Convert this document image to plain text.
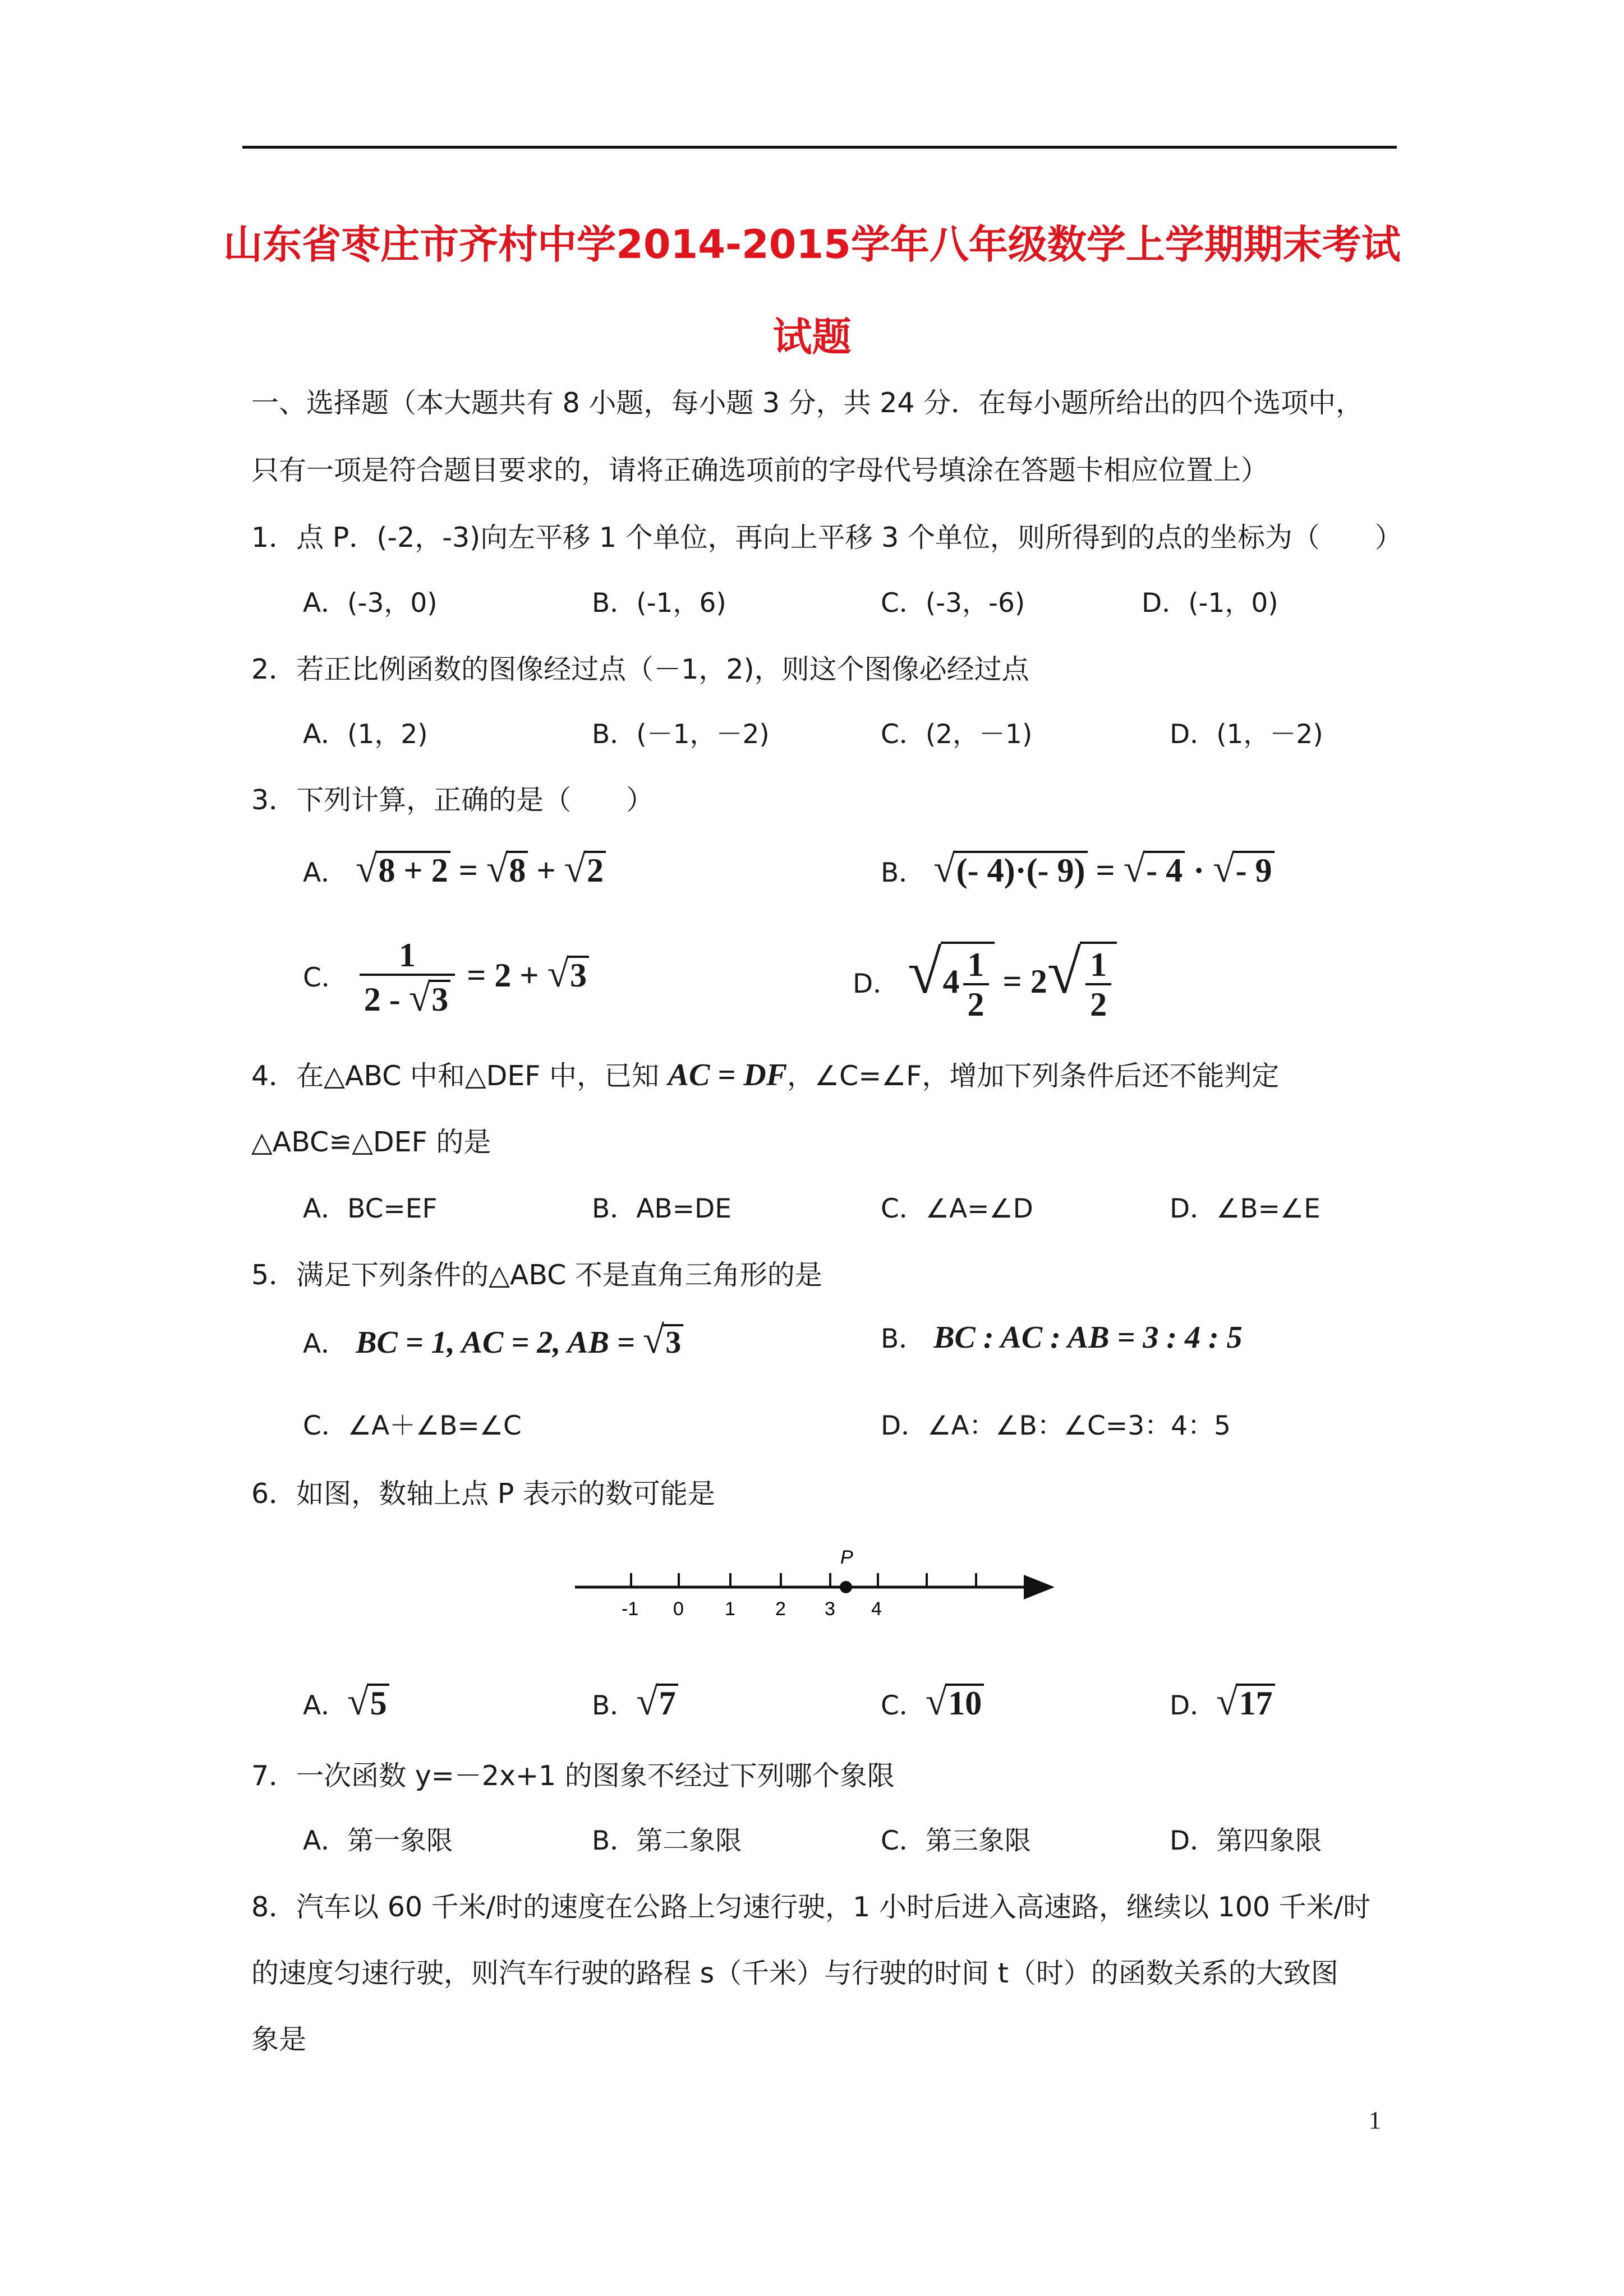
山东省枣庄市齐村中学2014-2015学年八年级数学上学期期末考试
试题
一、选择题（本大题共有 8 小题，每小题 3 分，共 24 分．在每小题所给出的四个选项中，
只有一项是符合题目要求的，请将正确选项前的字母代号填涂在答题卡相应位置上）
1．点 P．(-2，-3)向左平移 1 个单位，再向上平移 3 个单位，则所得到的点的坐标为（　　）
A．(-3，0)	B．(-1，6)	C．(-3，-6)	D．(-1，0)
2．若正比例函数的图像经过点（－1，2)，则这个图像必经过点
A．(1，2)	B．(－1，－2)	C．(2，－1)	D．(1，－2)
3．下列计算，正确的是（　　）
A． √8 + 2 = √8 + √2	B． √(- 4)·(- 9) = √- 4 · √- 9
C． $\frac{1}{2 - √3} = 2 + √3$	D． $√4 \frac{1}{2} = 2√ \frac{1}{2}$
4．在△ABC 中和△DEF 中，已知 AC = DF，∠C=∠F，增加下列条件后还不能判定
△ABC≌△DEF 的是
A．BC=EF	B．AB=DE	C．∠A=∠D	D．∠B=∠E
5．满足下列条件的△ABC 不是直角三角形的是
A． BC = 1, AC = 2, AB = √3	B． BC : AC : AB = 3 : 4 : 5
C．∠A＋∠B=∠C	D．∠A：∠B：∠C=3：4：5
6．如图，数轴上点 P 表示的数可能是
P
-1 0 1 2 3 4
A．√5	B．√7	C．√10	D．√17
7．一次函数 y=－2x+1 的图象不经过下列哪个象限
A．第一象限	B．第二象限	C．第三象限	D．第四象限
8．汽车以 60 千米/时的速度在公路上匀速行驶，1 小时后进入高速路，继续以 100 千米/时
的速度匀速行驶，则汽车行驶的路程 s（千米）与行驶的时间 t（时）的函数关系的大致图
象是
1
